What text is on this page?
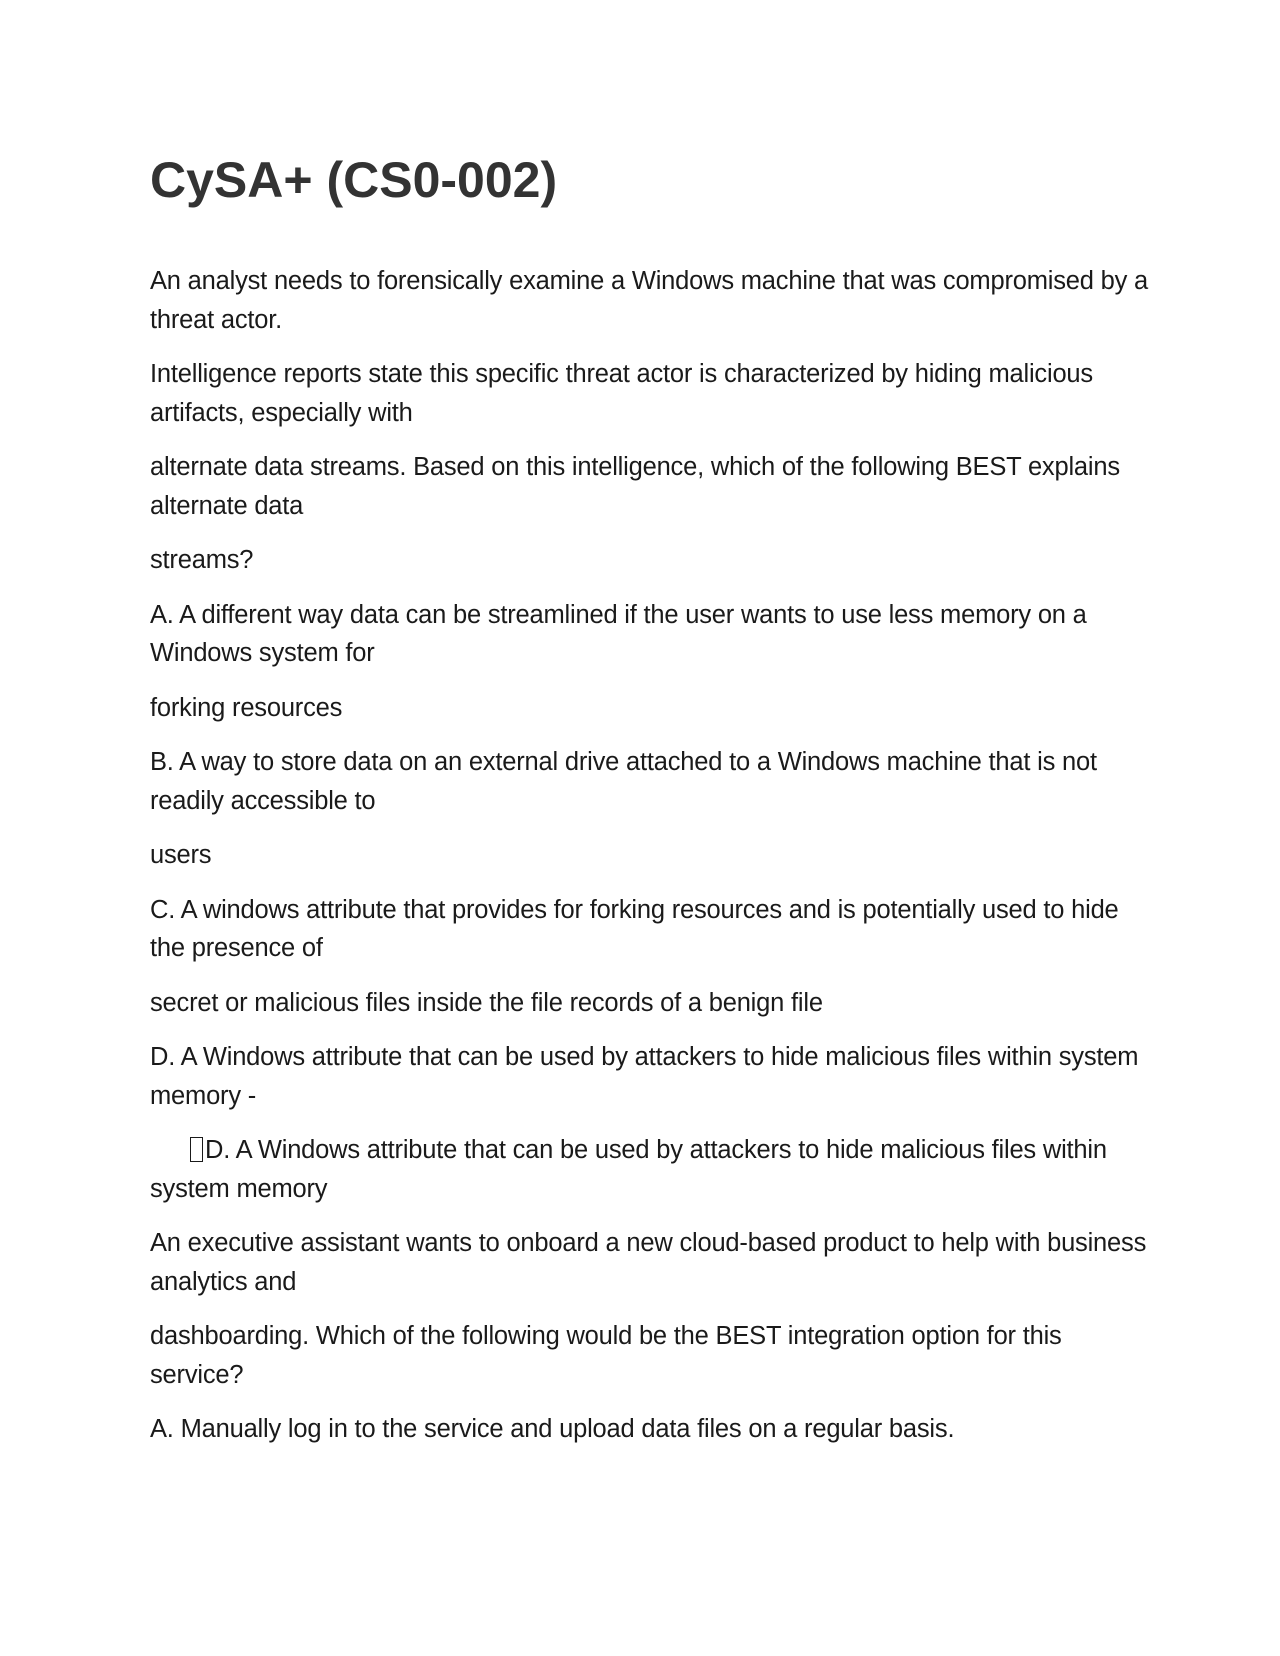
CySA+ (CS0-002)

An analyst needs to forensically examine a Windows machine that was compromised by a threat actor.

Intelligence reports state this specific threat actor is characterized by hiding malicious artifacts, especially with

alternate data streams. Based on this intelligence, which of the following BEST explains alternate data

streams?

A. A different way data can be streamlined if the user wants to use less memory on a Windows system for

forking resources

B. A way to store data on an external drive attached to a Windows machine that is not readily accessible to

users

C. A windows attribute that provides for forking resources and is potentially used to hide the presence of

secret or malicious files inside the file records of a benign file

D. A Windows attribute that can be used by attackers to hide malicious files within system memory -

D. A Windows attribute that can be used by attackers to hide malicious files within system memory

An executive assistant wants to onboard a new cloud-based product to help with business analytics and

dashboarding. Which of the following would be the BEST integration option for this service?

A. Manually log in to the service and upload data files on a regular basis.
